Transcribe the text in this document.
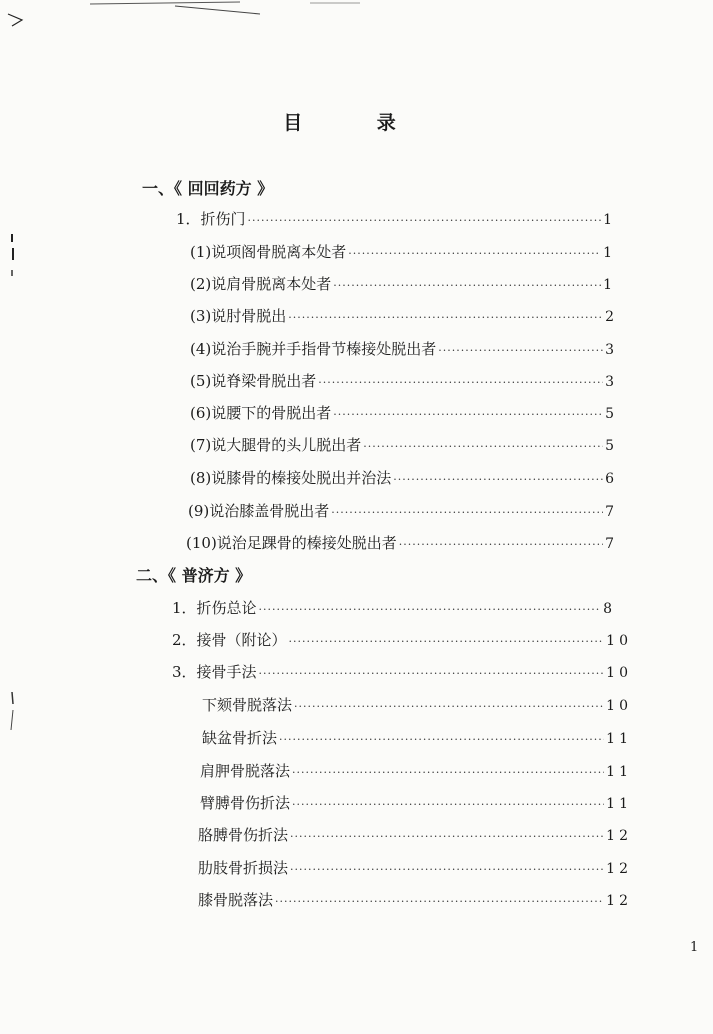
目 录
一、《 回回药方 》
1．折伤门 ·····	1
(1)说项阁骨脱离本处者 ·····	1
(2)说肩骨脱离本处者 ·····	1
(3)说肘骨脱出 ·····	2
(4)说治手腕并手指骨节榛接处脱出者 ·····	3
(5)说脊梁骨脱出者 ·····	3
(6)说腰下的骨脱出者 ·····	5
(7)说大腿骨的头儿脱出者 ·····	5
(8)说膝骨的榛接处脱出并治法 ·····	6
(9)说治膝盖骨脱出者 ·····	7
(10)说治足踝骨的榛接处脱出者 ·····	7
二、《 普济方 》
1．折伤总论 ·····	8
2．接骨（附论） ·····	10
3．接骨手法 ·····	10
下颏骨脱落法 ·····	10
缺盆骨折法 ·····	11
肩胛骨脱落法 ·····	11
臂膊骨伤折法 ·····	11
胳膊骨伤折法 ·····	12
肋肢骨折损法 ·····	12
膝骨脱落法 ·····	12
1
